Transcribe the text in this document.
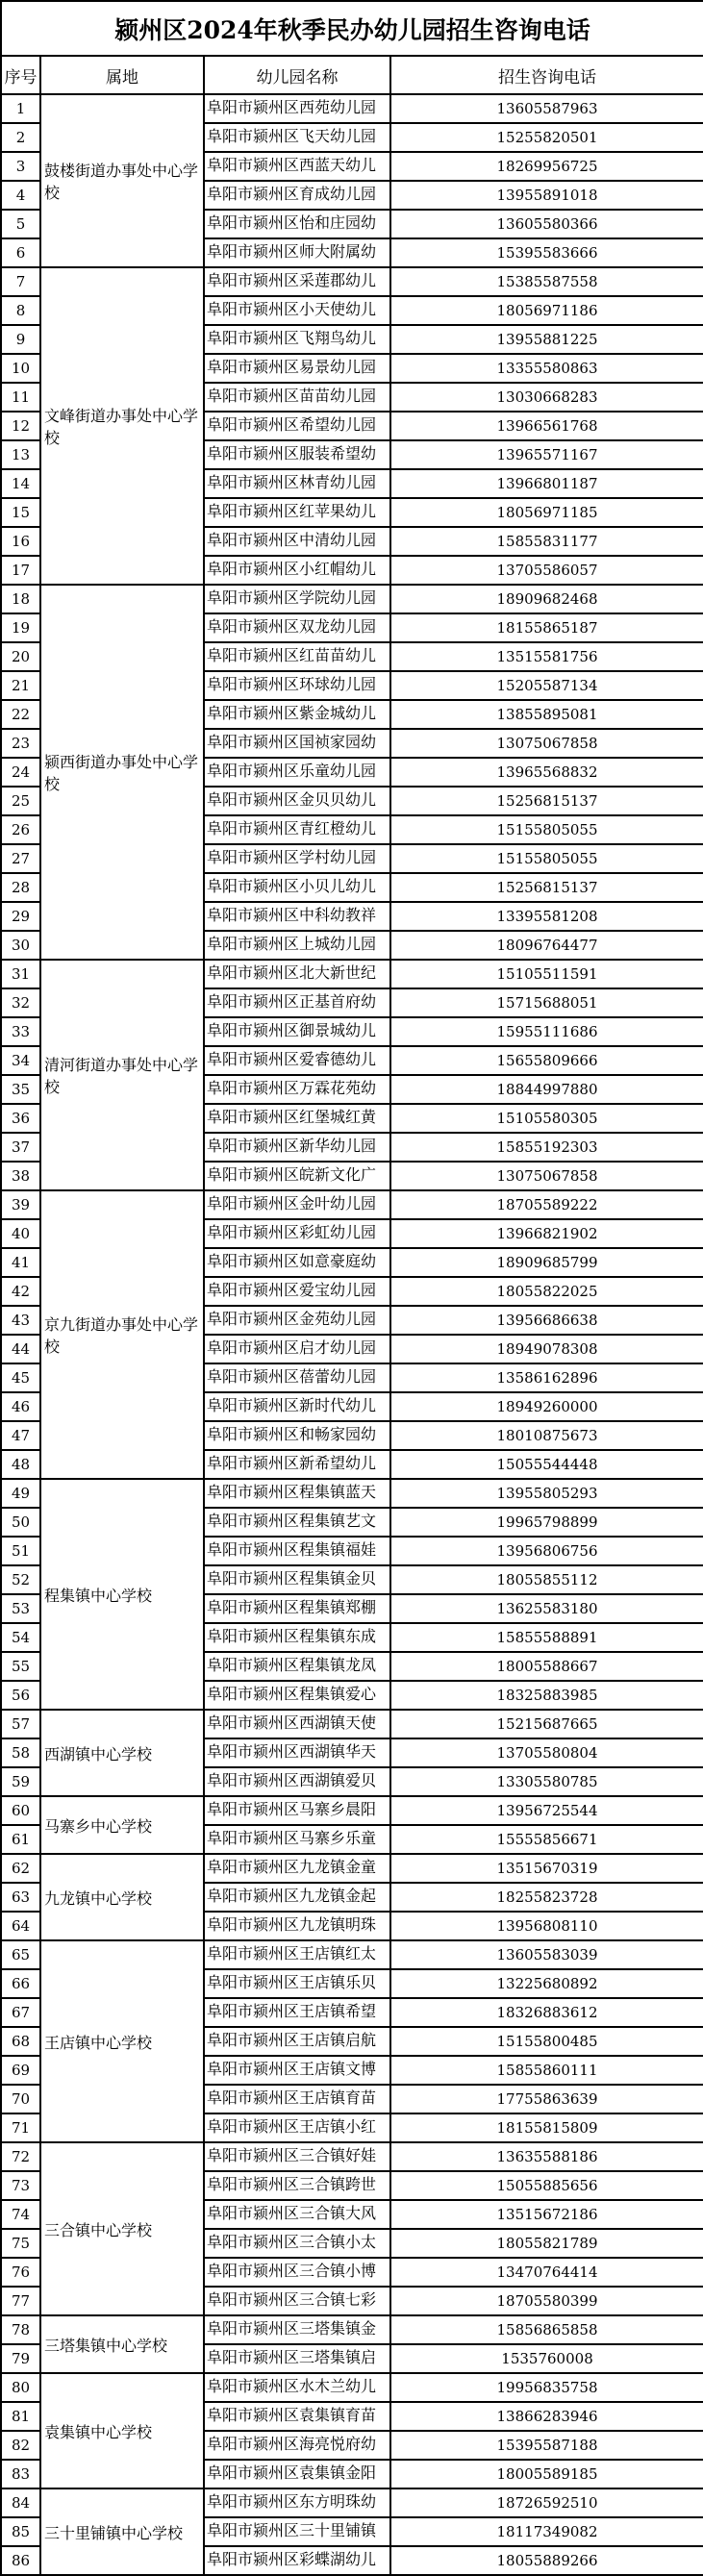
颍州区2024年秋季民办幼儿园招生咨询电话			
序号	属地	幼儿园名称	招生咨询电话
1	鼓楼街道办事处中心学校	阜阳市颍州区西苑幼儿园	13605587963
2		阜阳市颍州区飞天幼儿园	15255820501
3		阜阳市颍州区西蓝天幼儿	18269956725
4		阜阳市颍州区育成幼儿园	13955891018
5		阜阳市颍州区怡和庄园幼	13605580366
6		阜阳市颍州区师大附属幼	15395583666
7	文峰街道办事处中心学校	阜阳市颍州区采莲郡幼儿	15385587558
8		阜阳市颍州区小天使幼儿	18056971186
9		阜阳市颍州区飞翔鸟幼儿	13955881225
10		阜阳市颍州区易景幼儿园	13355580863
11		阜阳市颍州区苗苗幼儿园	13030668283
12		阜阳市颍州区希望幼儿园	13966561768
13		阜阳市颍州区服装希望幼	13965571167
14		阜阳市颍州区林青幼儿园	13966801187
15		阜阳市颍州区红苹果幼儿	18056971185
16		阜阳市颍州区中清幼儿园	15855831177
17		阜阳市颍州区小红帽幼儿	13705586057
18	颍西街道办事处中心学校	阜阳市颍州区学院幼儿园	18909682468
19		阜阳市颍州区双龙幼儿园	18155865187
20		阜阳市颍州区红苗苗幼儿	13515581756
21		阜阳市颍州区环球幼儿园	15205587134
22		阜阳市颍州区紫金城幼儿	13855895081
23		阜阳市颍州区国祯家园幼	13075067858
24		阜阳市颍州区乐童幼儿园	13965568832
25		阜阳市颍州区金贝贝幼儿	15256815137
26		阜阳市颍州区青红橙幼儿	15155805055
27		阜阳市颍州区学村幼儿园	15155805055
28		阜阳市颍州区小贝儿幼儿	15256815137
29		阜阳市颍州区中科幼教祥	13395581208
30		阜阳市颍州区上城幼儿园	18096764477
31	清河街道办事处中心学校	阜阳市颍州区北大新世纪	15105511591
32		阜阳市颍州区正基首府幼	15715688051
33		阜阳市颍州区御景城幼儿	15955111686
34		阜阳市颍州区爱睿德幼儿	15655809666
35		阜阳市颍州区万霖花苑幼	18844997880
36		阜阳市颍州区红堡城红黄	15105580305
37		阜阳市颍州区新华幼儿园	15855192303
38		阜阳市颍州区皖新文化广	13075067858
39	京九街道办事处中心学校	阜阳市颍州区金叶幼儿园	18705589222
40		阜阳市颍州区彩虹幼儿园	13966821902
41		阜阳市颍州区如意豪庭幼	18909685799
42		阜阳市颍州区爱宝幼儿园	18055822025
43		阜阳市颍州区金苑幼儿园	13956686638
44		阜阳市颍州区启才幼儿园	18949078308
45		阜阳市颍州区蓓蕾幼儿园	13586162896
46		阜阳市颍州区新时代幼儿	18949260000
47		阜阳市颍州区和畅家园幼	18010875673
48		阜阳市颍州区新希望幼儿	15055544448
49	程集镇中心学校	阜阳市颍州区程集镇蓝天	13955805293
50		阜阳市颍州区程集镇艺文	19965798899
51		阜阳市颍州区程集镇福娃	13956806756
52		阜阳市颍州区程集镇金贝	18055855112
53		阜阳市颍州区程集镇郑棚	13625583180
54		阜阳市颍州区程集镇东成	15855588891
55		阜阳市颍州区程集镇龙凤	18005588667
56		阜阳市颍州区程集镇爱心	18325883985
57	西湖镇中心学校	阜阳市颍州区西湖镇天使	15215687665
58		阜阳市颍州区西湖镇华天	13705580804
59		阜阳市颍州区西湖镇爱贝	13305580785
60	马寨乡中心学校	阜阳市颍州区马寨乡晨阳	13956725544
61		阜阳市颍州区马寨乡乐童	15555856671
62	九龙镇中心学校	阜阳市颍州区九龙镇金童	13515670319
63		阜阳市颍州区九龙镇金起	18255823728
64		阜阳市颍州区九龙镇明珠	13956808110
65	王店镇中心学校	阜阳市颍州区王店镇红太	13605583039
66		阜阳市颍州区王店镇乐贝	13225680892
67		阜阳市颍州区王店镇希望	18326883612
68		阜阳市颍州区王店镇启航	15155800485
69		阜阳市颍州区王店镇文博	15855860111
70		阜阳市颍州区王店镇育苗	17755863639
71		阜阳市颍州区王店镇小红	18155815809
72	三合镇中心学校	阜阳市颍州区三合镇好娃	13635588186
73		阜阳市颍州区三合镇跨世	15055885656
74		阜阳市颍州区三合镇大风	13515672186
75		阜阳市颍州区三合镇小太	18055821789
76		阜阳市颍州区三合镇小博	13470764414
77		阜阳市颍州区三合镇七彩	18705580399
78	三塔集镇中心学校	阜阳市颍州区三塔集镇金	15856865858
79		阜阳市颍州区三塔集镇启	1535760008
80	袁集镇中心学校	阜阳市颍州区水木兰幼儿	19956835758
81		阜阳市颍州区袁集镇育苗	13866283946
82		阜阳市颍州区海亮悦府幼	15395587188
83		阜阳市颍州区袁集镇金阳	18005589185
84	三十里铺镇中心学校	阜阳市颍州区东方明珠幼	18726592510
85		阜阳市颍州区三十里铺镇	18117349082
86		阜阳市颍州区彩蝶湖幼儿	18055889266
